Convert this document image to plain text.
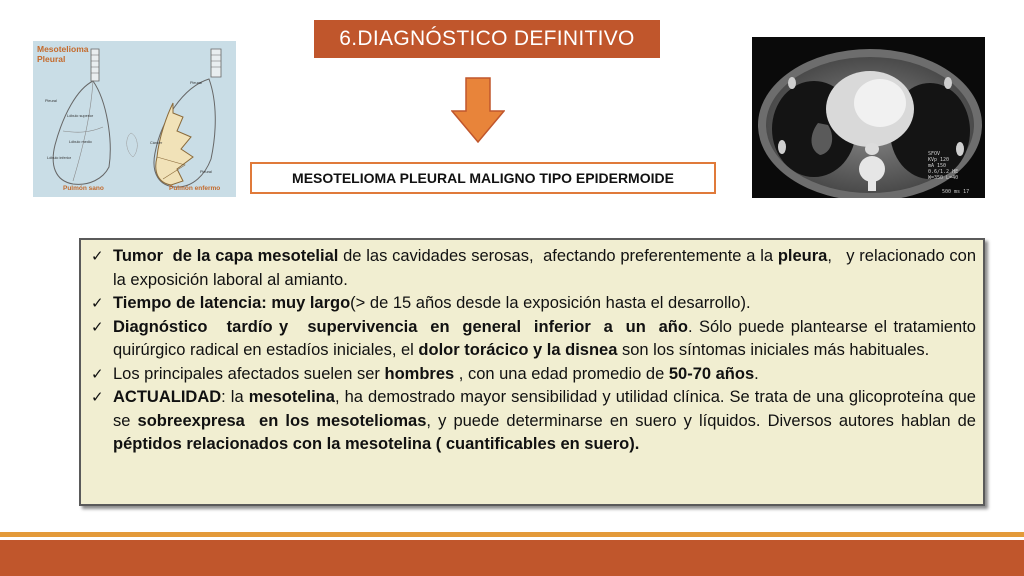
6.DIAGNÓSTICO DEFINITIVO
MESOTELIOMA PLEURAL MALIGNO TIPO EPIDERMOIDE
Mesotelioma
Pleural
Pleural
Lóbulo superior
Lóbulo medio
Lóbulo inferior
Pleural
Cáncer
Pleural
Pulmón sano	Pulmón enfermo
SFOV
KVp 120
mA 150
0.6/1.2 HE
W=350 L=40
500 ms 17
✓ Tumor  de la capa mesotelial de las cavidades serosas,  afectando preferentemente a la pleura,   y relacionado con la exposición laboral al amianto.
✓ Tiempo de latencia: muy largo(> de 15 años desde la exposición hasta el desarrollo).
✓ Diagnóstico   tardío y   supervivencia  en  general  inferior  a  un  año. Sólo puede plantearse el tratamiento quirúrgico radical en estadíos iniciales, el dolor torácico y la disnea son los síntomas iniciales más habituales.
✓ Los principales afectados suelen ser hombres , con una edad promedio de 50-70 años.
✓ ACTUALIDAD: la mesotelina, ha demostrado mayor sensibilidad y utilidad clínica. Se trata de una glicoproteína que se sobreexpresa  en los mesoteliomas, y puede determinarse en suero y líquidos. Diversos autores hablan de péptidos relacionados con la mesotelina ( cuantificables en suero).
